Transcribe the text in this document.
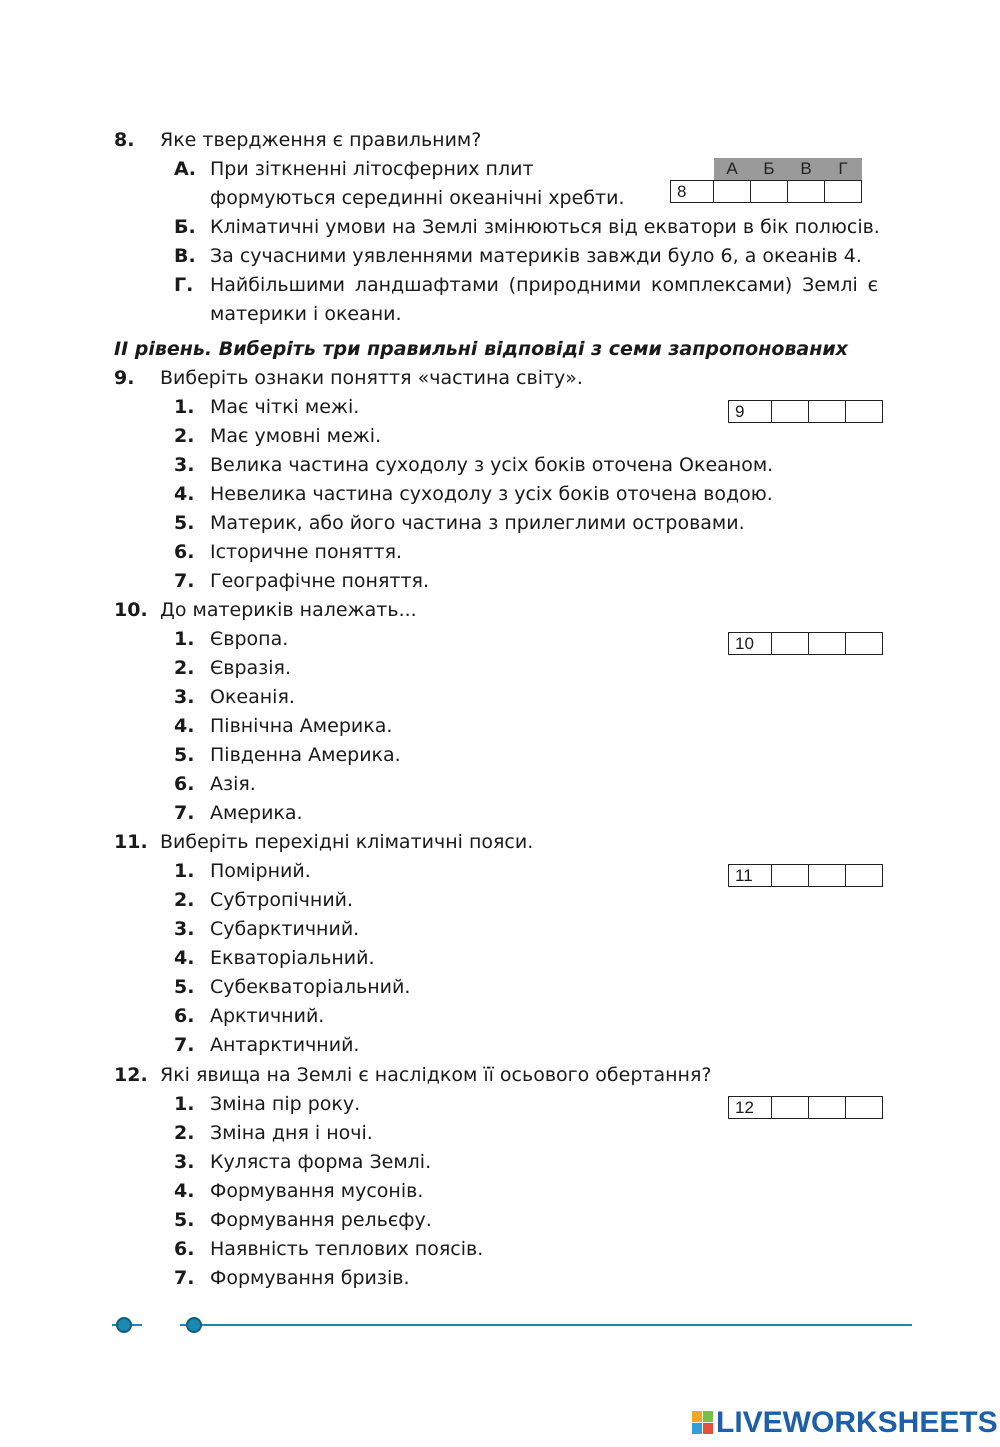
8. Яке твердження є правильним?
А. При зіткненні літосферних плит
формуються серединні океанічні хребти.
Б. Кліматичні умови на Землі змінюються від екватори в бік полюсів.
В. За сучасними уявленнями материків завжди було 6, а океанів 4.
Г. Найбільшими ландшафтами (природними комплексами) Землі є
материки і океани.
	А	Б	В	Г
8				
II рівень. Виберіть три правильні відповіді з семи запропонованих
9. Виберіть ознаки поняття «частина світу».
1. Має чіткі межі.
2. Має умовні межі.
3. Велика частина суходолу з усіх боків оточена Океаном.
4. Невелика частина суходолу з усіх боків оточена водою.
5. Материк, або його частина з прилеглими островами.
6. Історичне поняття.
7. Географічне поняття.
9			
10. До материків належать...
1. Європа.
2. Євразія.
3. Океанія.
4. Північна Америка.
5. Південна Америка.
6. Азія.
7. Америка.
10			
11. Виберіть перехідні кліматичні пояси.
1. Помірний.
2. Субтропічний.
3. Субарктичний.
4. Екваторіальний.
5. Субекваторіальний.
6. Арктичний.
7. Антарктичний.
11			
12. Які явища на Землі є наслідком її осьового обертання?
1. Зміна пір року.
2. Зміна дня і ночі.
3. Куляста форма Землі.
4. Формування мусонів.
5. Формування рельєфу.
6. Наявність теплових поясів.
7. Формування бризів.
12			
LIVEWORKSHEETS
